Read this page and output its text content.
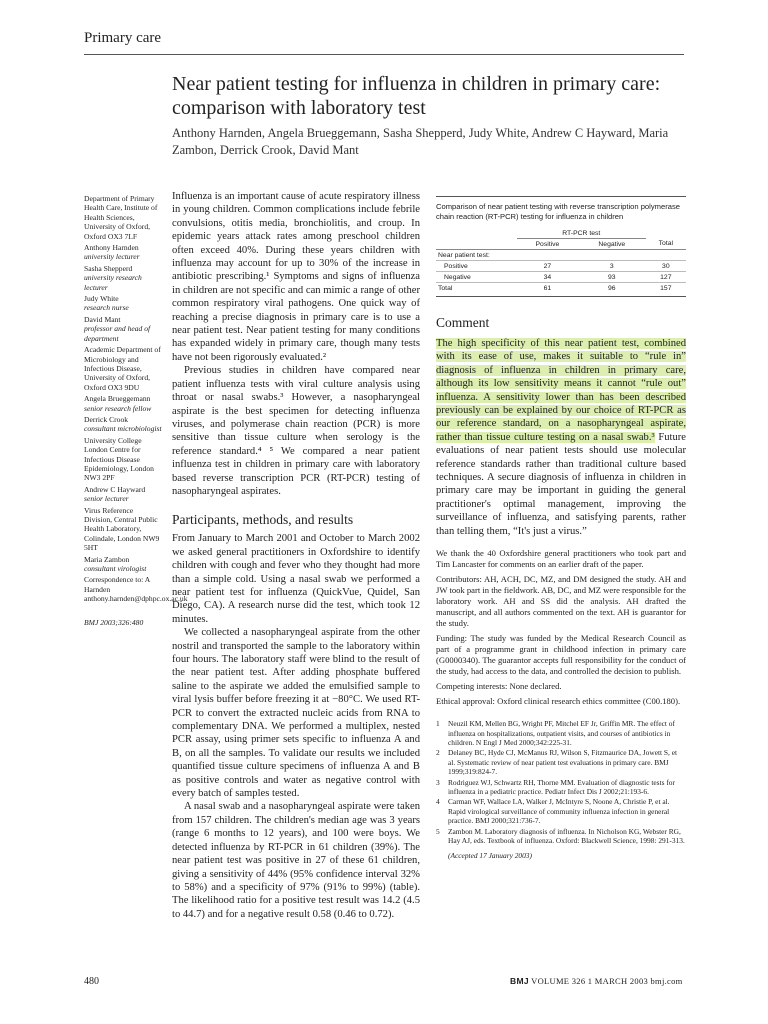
Primary care
Near patient testing for influenza in children in primary care: comparison with laboratory test
Anthony Harnden, Angela Brueggemann, Sasha Shepperd, Judy White, Andrew C Hayward, Maria Zambon, Derrick Crook, David Mant
Department of Primary Health Care, Institute of Health Sciences, University of Oxford, Oxford OX3 7LF
Anthony Harnden
university lecturer
Sasha Shepperd
university research lecturer
Judy White
research nurse
David Mant
professor and head of department
Academic Department of Microbiology and Infectious Disease, University of Oxford, Oxford OX3 9DU
Angela Brueggemann
senior research fellow
Derrick Crook
consultant microbiologist
University College London Centre for Infectious Disease Epidemiology, London NW3 2PF
Andrew C Hayward
senior lecturer
Virus Reference Division, Central Public Health Laboratory, Colindale, London NW9 5HT
Maria Zambon
consultant virologist
Correspondence to: A Harnden anthony.harnden@dphpc.ox.ac.uk
BMJ 2003;326:480

Influenza is an important cause of acute respiratory illness in young children. Common complications include febrile convulsions, otitis media, bronchiolitis, and croup. In epidemic years attack rates among preschool children often exceed 40%. During these years children with influenza may account for up to 30% of the increase in antibiotic prescribing.¹ Symptoms and signs of influenza in children are not specific and can mimic a range of other common respiratory viral pathogens. One quick way of reaching a precise diagnosis in primary care is to use a near patient test. Near patient testing for many conditions has expanded widely in primary care, though many tests have not been rigorously evaluated.²

Previous studies in children have compared near patient influenza tests with viral culture analysis using throat or nasal swabs.³ However, a nasopharyngeal aspirate is the best specimen for detecting influenza viruses, and polymerase chain reaction (PCR) is more sensitive than tissue culture when serology is the reference standard.⁴ ⁵ We compared a near patient influenza test in children in primary care with laboratory based reverse transcription PCR (RT-PCR) testing of nasopharyngeal aspirates.

Participants, methods, and results

From January to March 2001 and October to March 2002 we asked general practitioners in Oxfordshire to identify children with cough and fever who they thought had more than a simple cold. Using a nasal swab we performed a near patient test for influenza (QuickVue, Quidel, San Diego, CA). A research nurse did the test, which took 12 minutes.

We collected a nasopharyngeal aspirate from the other nostril and transported the sample to the laboratory within four hours. The laboratory staff were blind to the result of the near patient test. After adding phosphate buffered saline to the aspirate we added the emulsified sample to viral lysis buffer before freezing it at −80°C. We used RT-PCR to convert the extracted nucleic acids from RNA to complementary DNA. We performed a multiplex, nested PCR assay, using primer sets specific to influenza A and B, on all the samples. To validate our results we included quantified tissue culture specimens of influenza A and B as positive controls and water as negative control with every batch of samples tested.

A nasal swab and a nasopharyngeal aspirate were taken from 157 children. The children's median age was 3 years (range 6 months to 12 years), and 100 were boys. We detected influenza by RT-PCR in 61 children (39%). The near patient test was positive in 27 of these 61 children, giving a sensitivity of 44% (95% confidence interval 32% to 58%) and a specificity of 97% (91% to 99%) (table). The likelihood ratio for a positive test result was 14.2 (4.5 to 44.7) and for a negative result 0.58 (0.46 to 0.72).

Comparison of near patient testing with reverse transcription polymerase chain reaction (RT-PCR) testing for influenza in children
	RT-PCR test		
	Positive	Negative	Total
Near patient test:			
Positive	27	3	30
Negative	34	93	127
Total	61	96	157
Comment

The high specificity of this near patient test, combined with its ease of use, makes it suitable to “rule in” diagnosis of influenza in children in primary care, although its low sensitivity means it cannot “rule out” influenza. A sensitivity lower than has been described previously can be explained by our choice of RT-PCR as our reference standard, on a nasopharyngeal aspirate, rather than tissue culture testing on a nasal swab.³ Future evaluations of near patient tests should use molecular reference standards rather than traditional culture based techniques. A secure diagnosis of influenza in children in primary care may be important in guiding the general practitioner's optimal management, improving the surveillance of influenza, and satisfying parents, rather than telling them, “It's just a virus.”

We thank the 40 Oxfordshire general practitioners who took part and Tim Lancaster for comments on an earlier draft of the paper.

Contributors: AH, ACH, DC, MZ, and DM designed the study. AH and JW took part in the fieldwork. AB, DC, and MZ were responsible for the laboratory work. AH and SS did the analysis. AH drafted the manuscript, and all authors commented on the text. AH is guarantor for the study.

Funding: The study was funded by the Medical Research Council as part of a programme grant in childhood infection in primary care (G0000340). The guarantor accepts full responsibility for the conduct of the study, had access to the data, and controlled the decision to publish.

Competing interests: None declared.

Ethical approval: Oxford clinical research ethics committee (C00.180).

1	Neuzil KM, Mellen BG, Wright PF, Mitchel EF Jr, Griffin MR. The effect of influenza on hospitalizations, outpatient visits, and courses of antibiotics in children. N Engl J Med 2000;342:225-31.
2	Delaney BC, Hyde CJ, McManus RJ, Wilson S, Fitzmaurice DA, Jowett S, et al. Systematic review of near patient test evaluations in primary care. BMJ 1999;319:824-7.
3	Rodriguez WJ, Schwartz RH, Thorne MM. Evaluation of diagnostic tests for influenza in a pediatric practice. Pediatr Infect Dis J 2002;21:193-6.
4	Carman WF, Wallace LA, Walker J, McIntyre S, Noone A, Christie P, et al. Rapid virological surveillance of community influenza infection in general practice. BMJ 2000;321:736-7.
5	Zambon M. Laboratory diagnosis of influenza. In Nicholson KG, Webster RG, Hay AJ, eds. Textbook of influenza. Oxford: Blackwell Science, 1998: 291-313.
(Accepted 17 January 2003)
480	BMJ VOLUME 326 1 MARCH 2003 bmj.com
